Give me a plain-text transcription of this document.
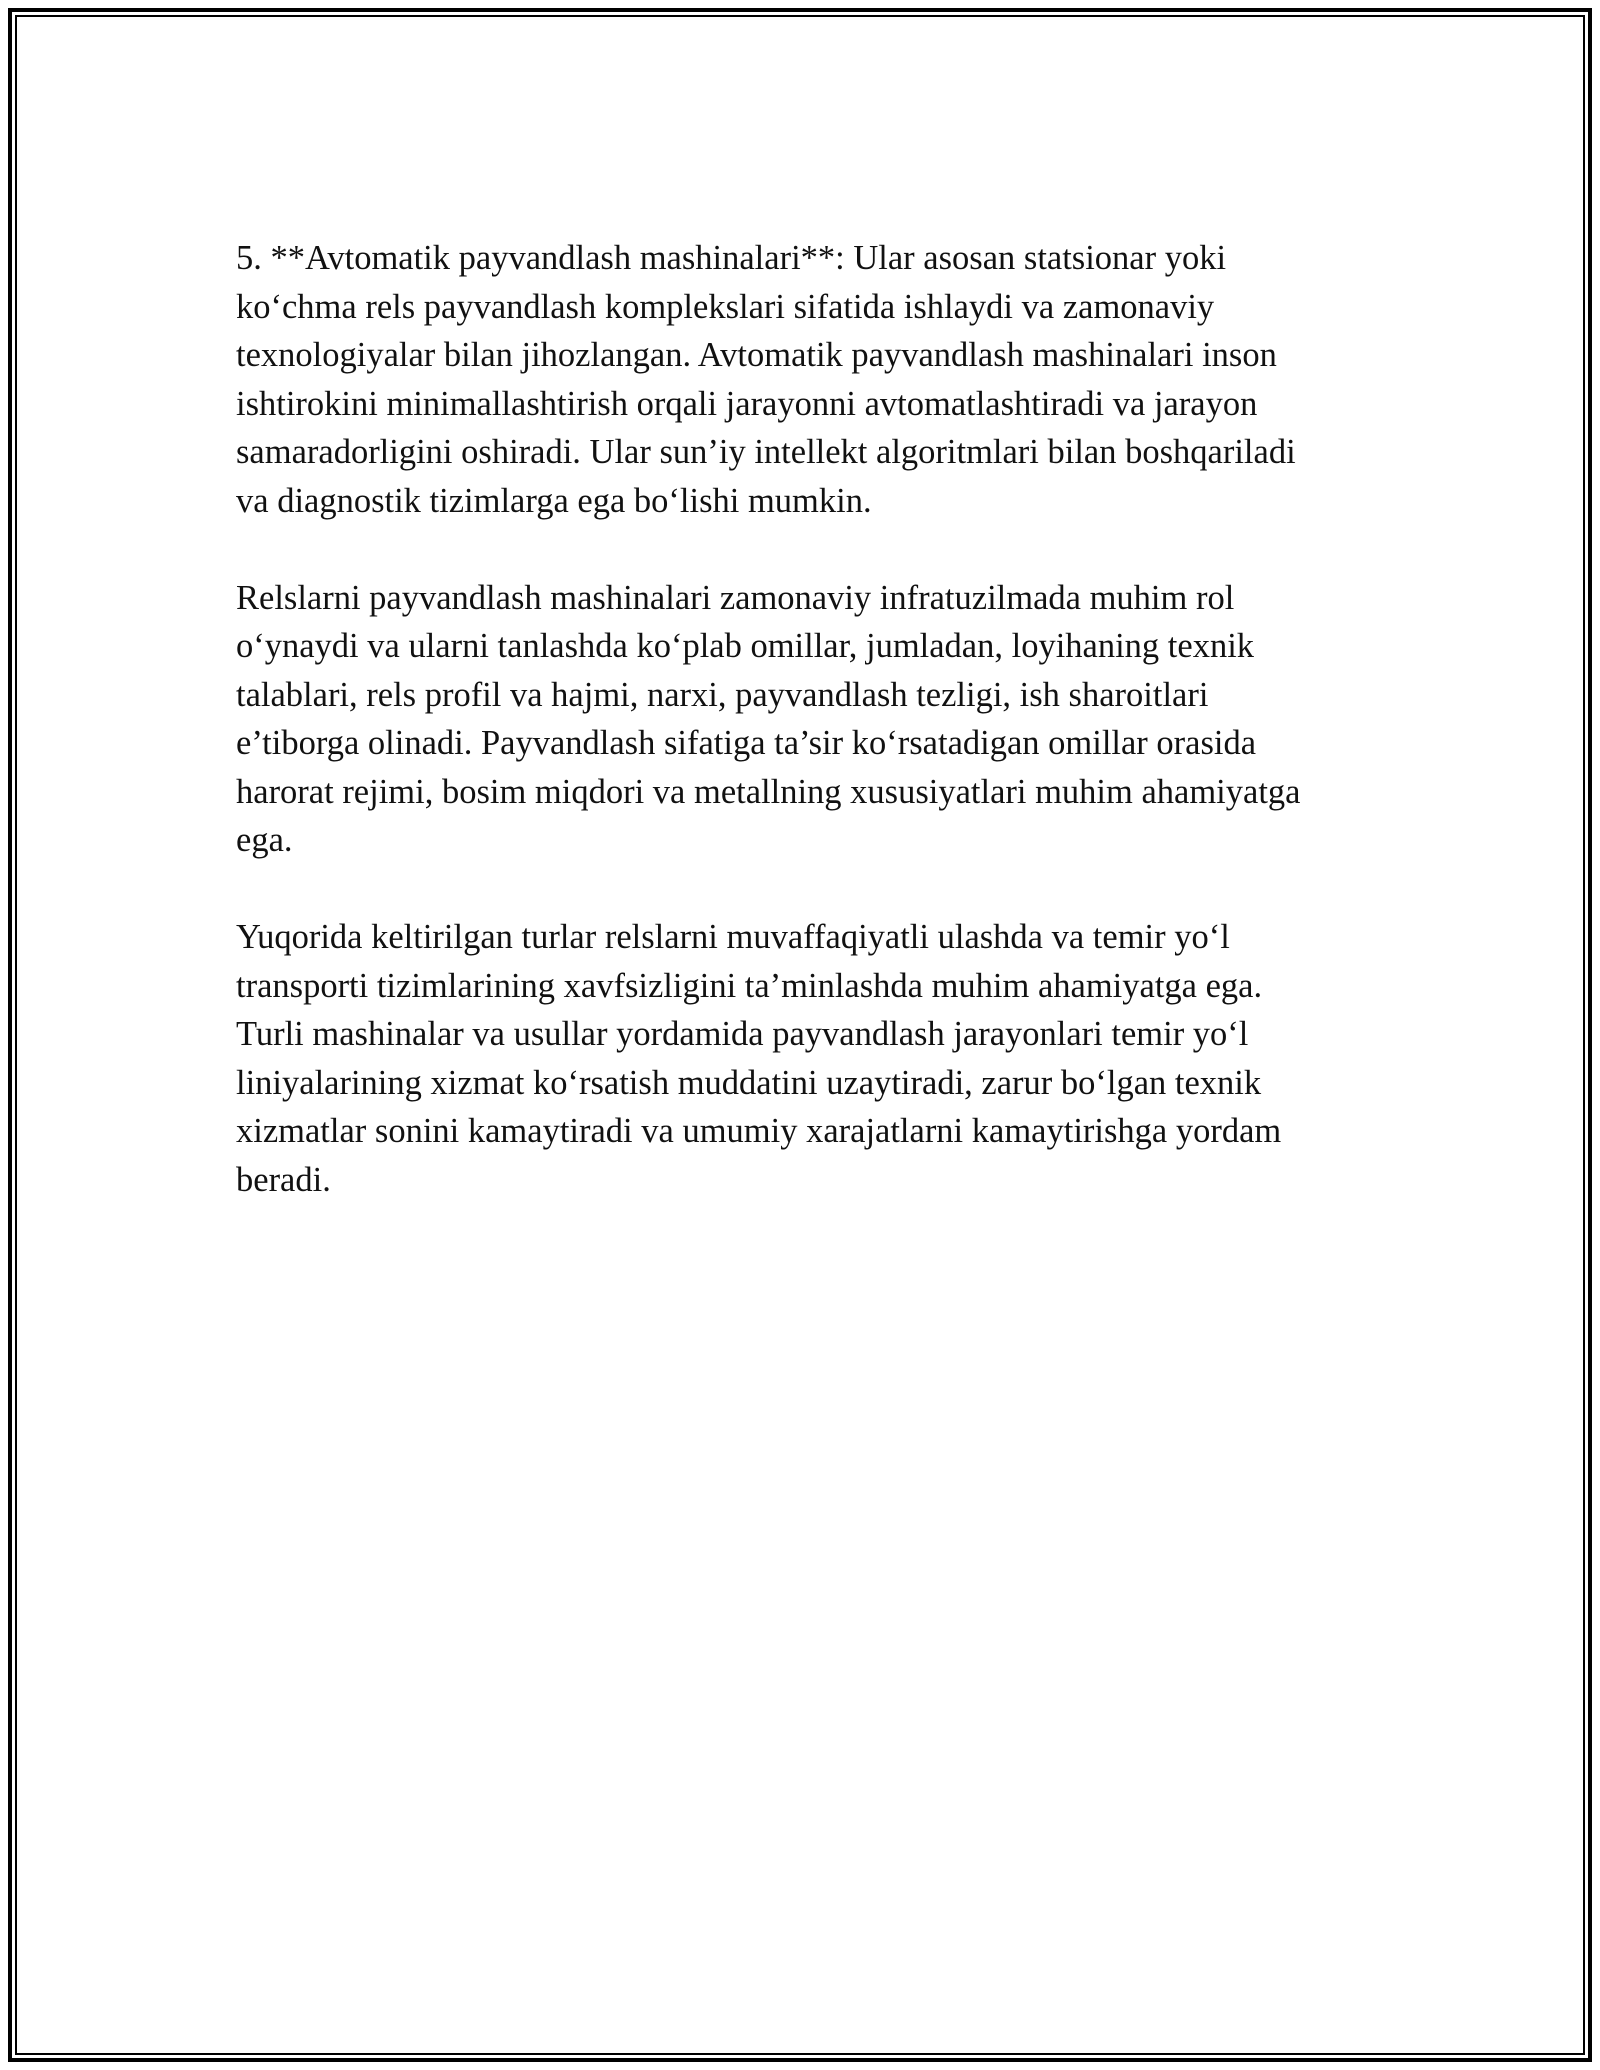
5. **Avtomatik payvandlash mashinalari**: Ular asosan statsionar yoki
ko‘chma rels payvandlash komplekslari sifatida ishlaydi va zamonaviy
texnologiyalar bilan jihozlangan. Avtomatik payvandlash mashinalari inson
ishtirokini minimallashtirish orqali jarayonni avtomatlashtiradi va jarayon
samaradorligini oshiradi. Ular sun’iy intellekt algoritmlari bilan boshqariladi
va diagnostik tizimlarga ega bo‘lishi mumkin.

Relslarni payvandlash mashinalari zamonaviy infratuzilmada muhim rol
o‘ynaydi va ularni tanlashda ko‘plab omillar, jumladan, loyihaning texnik
talablari, rels profil va hajmi, narxi, payvandlash tezligi, ish sharoitlari
e’tiborga olinadi. Payvandlash sifatiga ta’sir ko‘rsatadigan omillar orasida
harorat rejimi, bosim miqdori va metallning xususiyatlari muhim ahamiyatga
ega.

Yuqorida keltirilgan turlar relslarni muvaffaqiyatli ulashda va temir yo‘l
transporti tizimlarining xavfsizligini ta’minlashda muhim ahamiyatga ega.
Turli mashinalar va usullar yordamida payvandlash jarayonlari temir yo‘l
liniyalarining xizmat ko‘rsatish muddatini uzaytiradi, zarur bo‘lgan texnik
xizmatlar sonini kamaytiradi va umumiy xarajatlarni kamaytirishga yordam
beradi.
